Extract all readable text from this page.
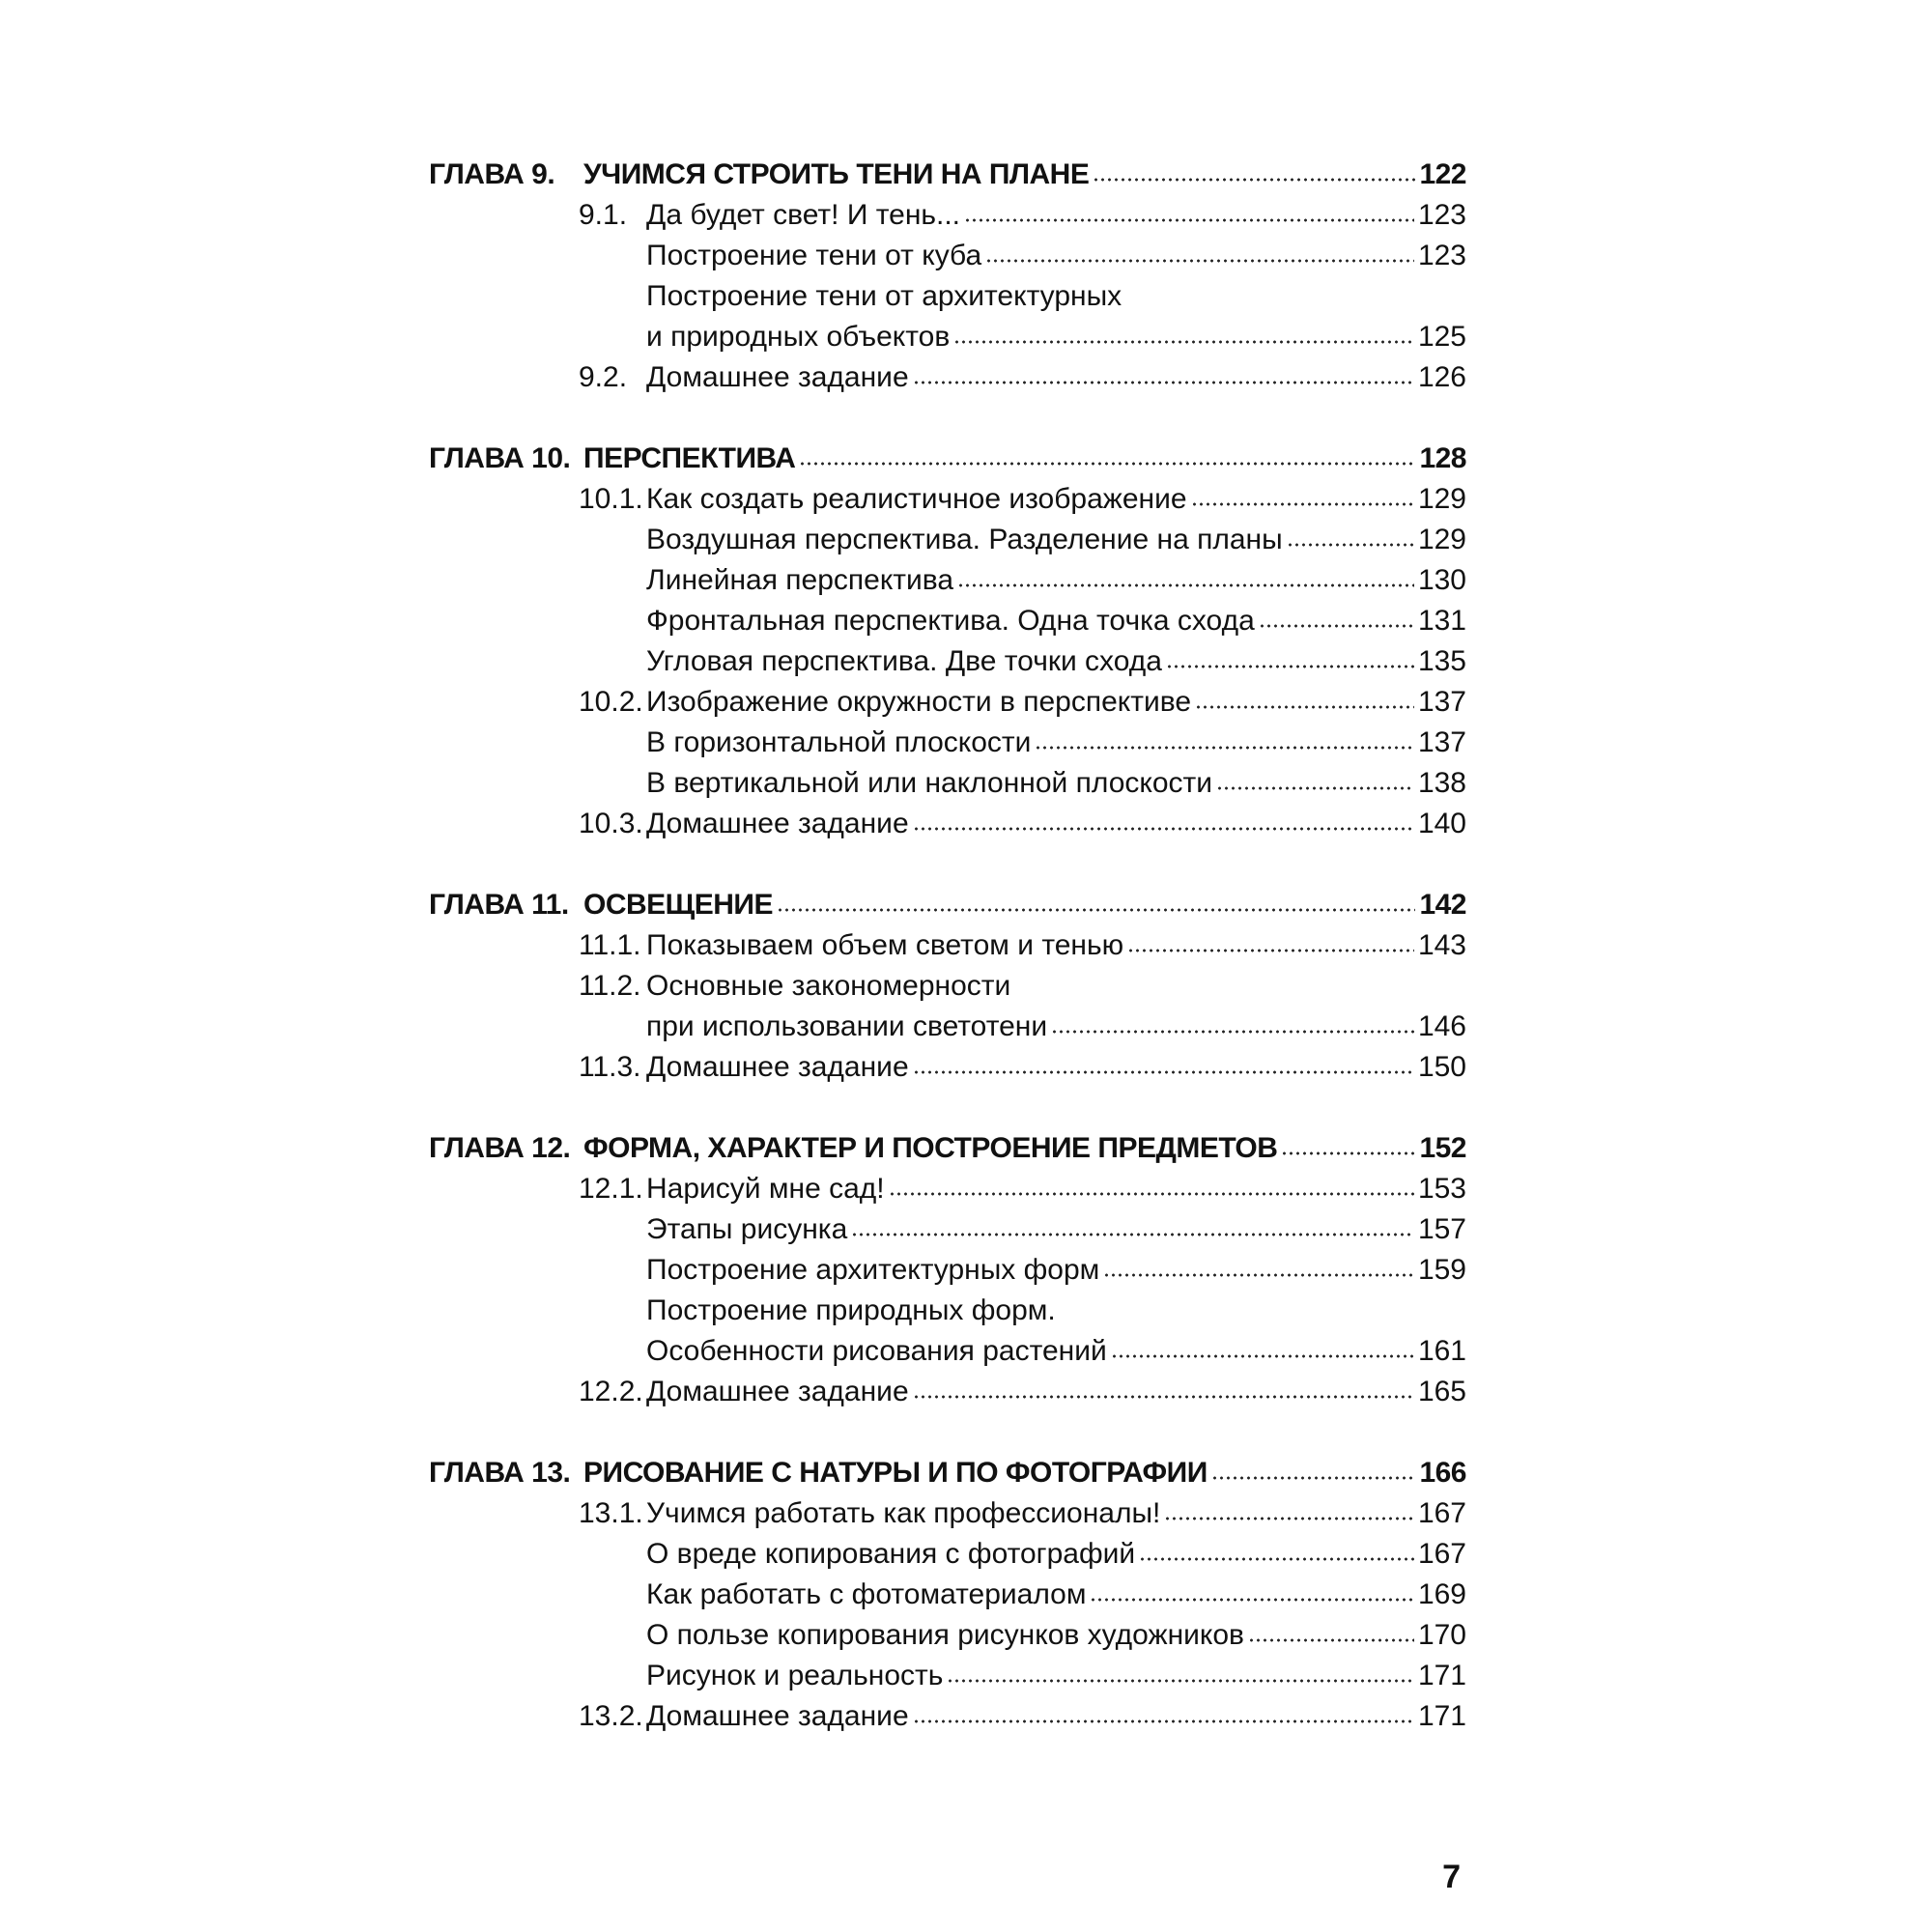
ГЛАВА 9. УЧИМСЯ СТРОИТЬ ТЕНИ НА ПЛАНЕ	122
9.1. Да будет свет! И тень...	123
Построение тени от куба	123
Построение тени от архитектурных
и природных объектов	125
9.2. Домашнее задание	126
ГЛАВА 10. ПЕРСПЕКТИВА	128
10.1. Как создать реалистичное изображение	129
Воздушная перспектива. Разделение на планы	129
Линейная перспектива	130
Фронтальная перспектива. Одна точка схода	131
Угловая перспектива. Две точки схода	135
10.2. Изображение окружности в перспективе	137
В горизонтальной плоскости	137
В вертикальной или наклонной плоскости	138
10.3. Домашнее задание	140
ГЛАВА 11. ОСВЕЩЕНИЕ	142
11.1. Показываем объем светом и тенью	143
11.2. Основные закономерности
при использовании светотени	146
11.3. Домашнее задание	150
ГЛАВА 12. ФОРМА, ХАРАКТЕР И ПОСТРОЕНИЕ ПРЕДМЕТОВ	152
12.1. Нарисуй мне сад!	153
Этапы рисунка	157
Построение архитектурных форм	159
Построение природных форм.
Особенности рисования растений	161
12.2. Домашнее задание	165
ГЛАВА 13. РИСОВАНИЕ С НАТУРЫ И ПО ФОТОГРАФИИ	166
13.1. Учимся работать как профессионалы!	167
О вреде копирования с фотографий	167
Как работать с фотоматериалом	169
О пользе копирования рисунков художников	170
Рисунок и реальность	171
13.2. Домашнее задание	171
7
